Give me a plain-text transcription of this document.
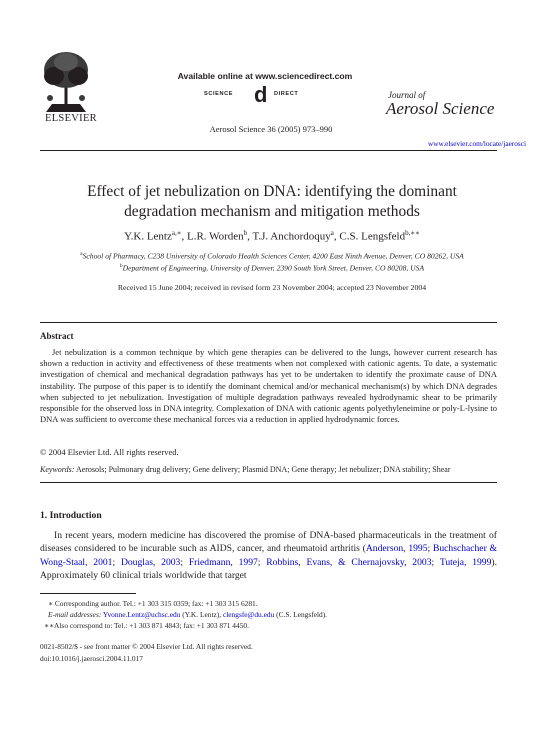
ELSEVIER
Available online at www.sciencedirect.com
SCIENCE d DIRECT
Aerosol Science 36 (2005) 973–990
Journal of
Aerosol Science
www.elsevier.com/locate/jaerosci
Effect of jet nebulization on DNA: identifying the dominant
degradation mechanism and mitigation methods
Y.K. Lentz$^{a,∗}$, L.R. Worden$^b$, T.J. Anchordoquy$^a$, C.S. Lengsfeld$^{b,∗∗}$
$^a$School of Pharmacy, C238 University of Colorado Health Sciences Center, 4200 East Ninth Avenue, Denver, CO 80262, USA
$^b$Department of Engineering, University of Denver, 2390 South York Street, Denver, CO 80208, USA
Received 15 June 2004; received in revised form 23 November 2004; accepted 23 November 2004
Abstract

Jet nebulization is a common technique by which gene therapies can be delivered to the lungs, however current research has shown a reduction in activity and effectiveness of these treatments when not complexed with cationic agents. To date, a systematic investigation of chemical and mechanical degradation pathways has yet to be undertaken to identify the proximate cause of DNA instability. The purpose of this paper is to identify the dominant chemical and/or mechanical mechanism(s) by which DNA degrades when subjected to jet nebulization. Investigation of multiple degradation pathways revealed hydrodynamic shear to be primarily responsible for the observed loss in DNA integrity. Complexation of DNA with cationic agents polyethyleneimine or poly-L-lysine to DNA was sufficient to overcome these mechanical forces via a reduction in applied hydrodynamic forces.

© 2004 Elsevier Ltd. All rights reserved.
Keywords: Aerosols; Pulmonary drug delivery; Gene delivery; Plasmid DNA; Gene therapy; Jet nebulizer; DNA stability; Shear
1. Introduction

In recent years, modern medicine has discovered the promise of DNA-based pharmaceuticals in the treatment of diseases considered to be incurable such as AIDS, cancer, and rheumatoid arthritis (Anderson, 1995; Buchschacher & Wong-Staal, 2001; Douglas, 2003; Friedmann, 1997; Robbins, Evans, & Chernajovsky, 2003; Tuteja, 1999). Approximately 60 clinical trials worldwide that target

∗ Corresponding author. Tel.: +1 303 315 0359; fax: +1 303 315 6281.
E-mail addresses: Yvonne.Lentz@uchsc.edu (Y.K. Lentz), clengsfe@du.edu (C.S. Lengsfeld).
∗∗Also correspond to: Tel.: +1 303 871 4843; fax: +1 303 871 4450.
0021-8502/$ - see front matter © 2004 Elsevier Ltd. All rights reserved.
doi:10.1016/j.jaerosci.2004.11.017
